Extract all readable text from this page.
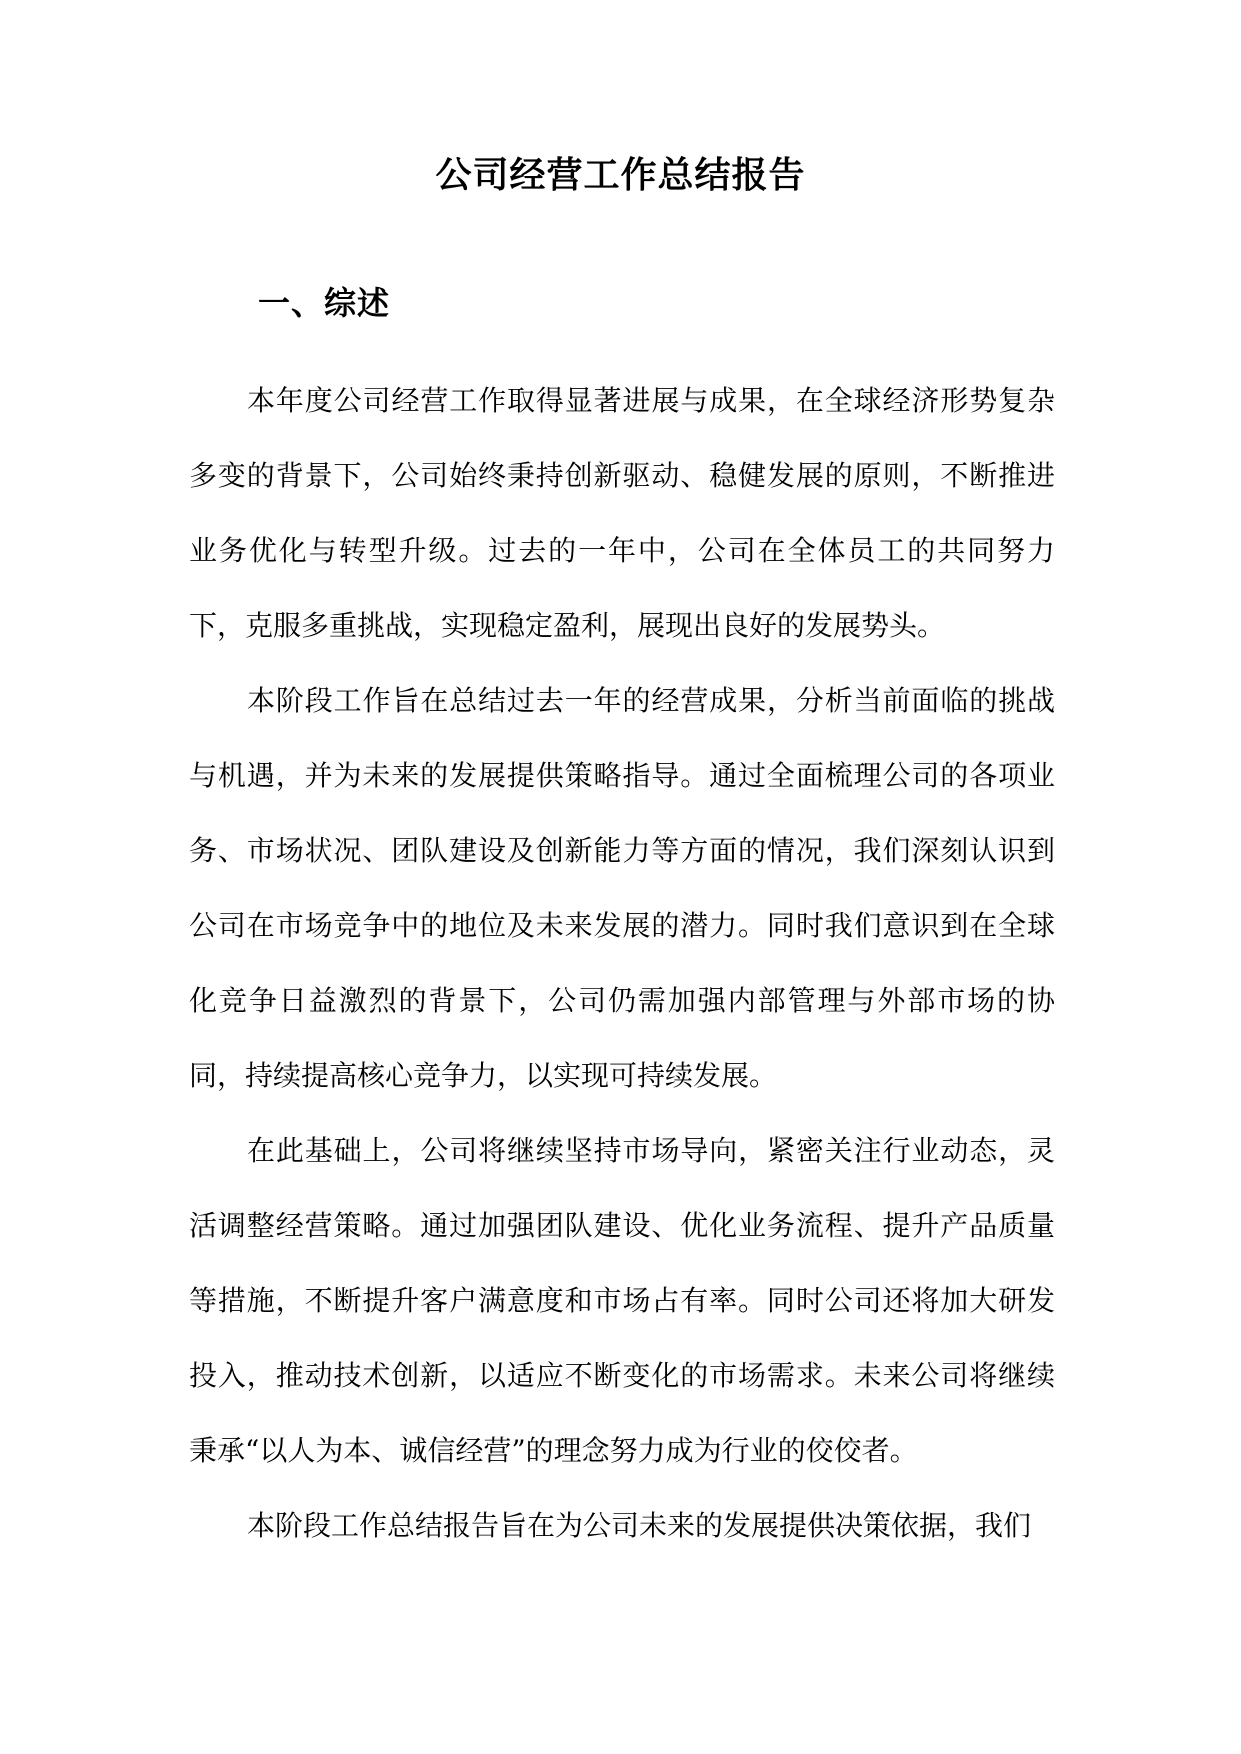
公司经营工作总结报告
一、综述

本年度公司经营工作取得显著进展与成果，在全球经济形势复杂多变的背景下，公司始终秉持创新驱动、稳健发展的原则，不断推进业务优化与转型升级。过去的一年中，公司在全体员工的共同努力下，克服多重挑战，实现稳定盈利，展现出良好的发展势头。

本阶段工作旨在总结过去一年的经营成果，分析当前面临的挑战与机遇，并为未来的发展提供策略指导。通过全面梳理公司的各项业务、市场状况、团队建设及创新能力等方面的情况，我们深刻认识到公司在市场竞争中的地位及未来发展的潜力。同时我们意识到在全球化竞争日益激烈的背景下，公司仍需加强内部管理与外部市场的协同，持续提高核心竞争力，以实现可持续发展。

在此基础上，公司将继续坚持市场导向，紧密关注行业动态，灵活调整经营策略。通过加强团队建设、优化业务流程、提升产品质量等措施，不断提升客户满意度和市场占有率。同时公司还将加大研发投入，推动技术创新，以适应不断变化的市场需求。未来公司将继续秉承“以人为本、诚信经营”的理念努力成为行业的佼佼者。

本阶段工作总结报告旨在为公司未来的发展提供决策依据，我们
